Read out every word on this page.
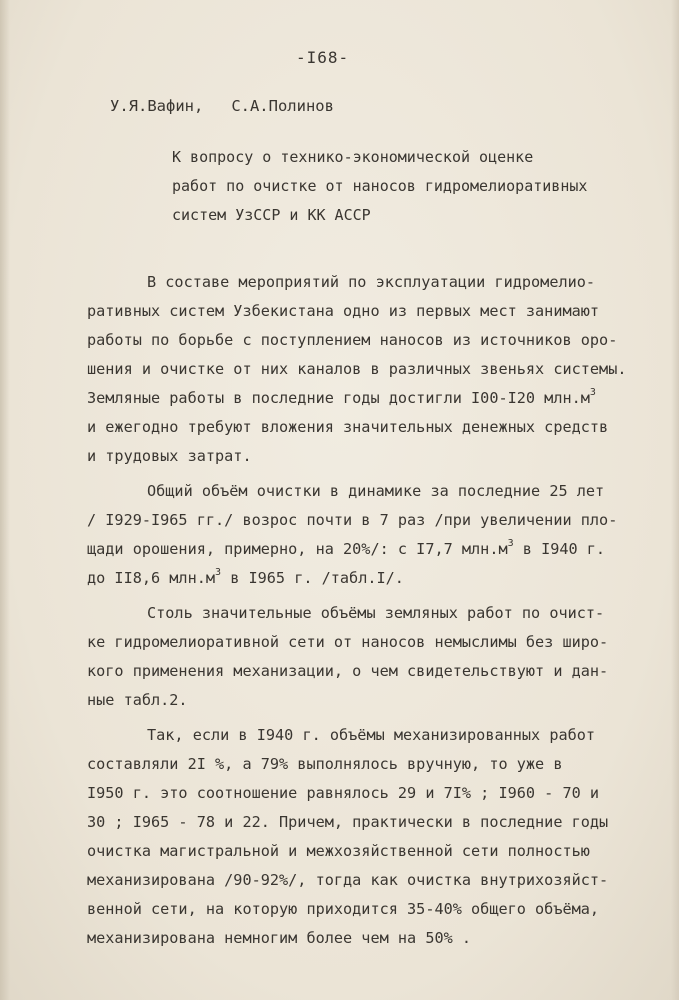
-I68-
У.Я.Вафин,   С.А.Полинов
К вопросу о технико-экономической оценке
работ по очистке от наносов гидромелиоративных
систем УзССР и КК АССР
В составе мероприятий по эксплуатации гидромелио-
ративных систем Узбекистана одно из первых мест занимают
работы по борьбе с поступлением наносов из источников оро-
шения и очистке от них каналов в различных звеньях системы.
Земляные работы в последние годы достигли I00-I20 $млн.м^3$
и ежегодно требуют вложения значительных денежных средств
и трудовых затрат.
Общий объём очистки в динамике за последние 25 лет
/ I929-I965 гг./ возрос почти в 7 раз /при увеличении пло-
щади орошения, примерно, на 20%/: с I7,7 $млн.м^3$ в I940 г.
до II8,6 $млн.м^3$ в I965 г. /табл.I/.
Столь значительные объёмы земляных работ по очист-
ке гидромелиоративной сети от наносов немыслимы без широ-
кого применения механизации, о чем свидетельствуют и дан-
ные табл.2.
Так, если в I940 г. объёмы механизированных работ
составляли 2I %, а 79% выполнялось вручную, то уже в
I950 г. это соотношение равнялось 29 и 7I% ; I960 - 70 и
30 ; I965 - 78 и 22. Причем, практически в последние годы
очистка магистральной и межхозяйственной сети полностью
механизирована /90-92%/, тогда как очистка внутрихозяйст-
венной сети, на которую приходится 35-40% общего объёма,
механизирована немногим более чем на 50% .
